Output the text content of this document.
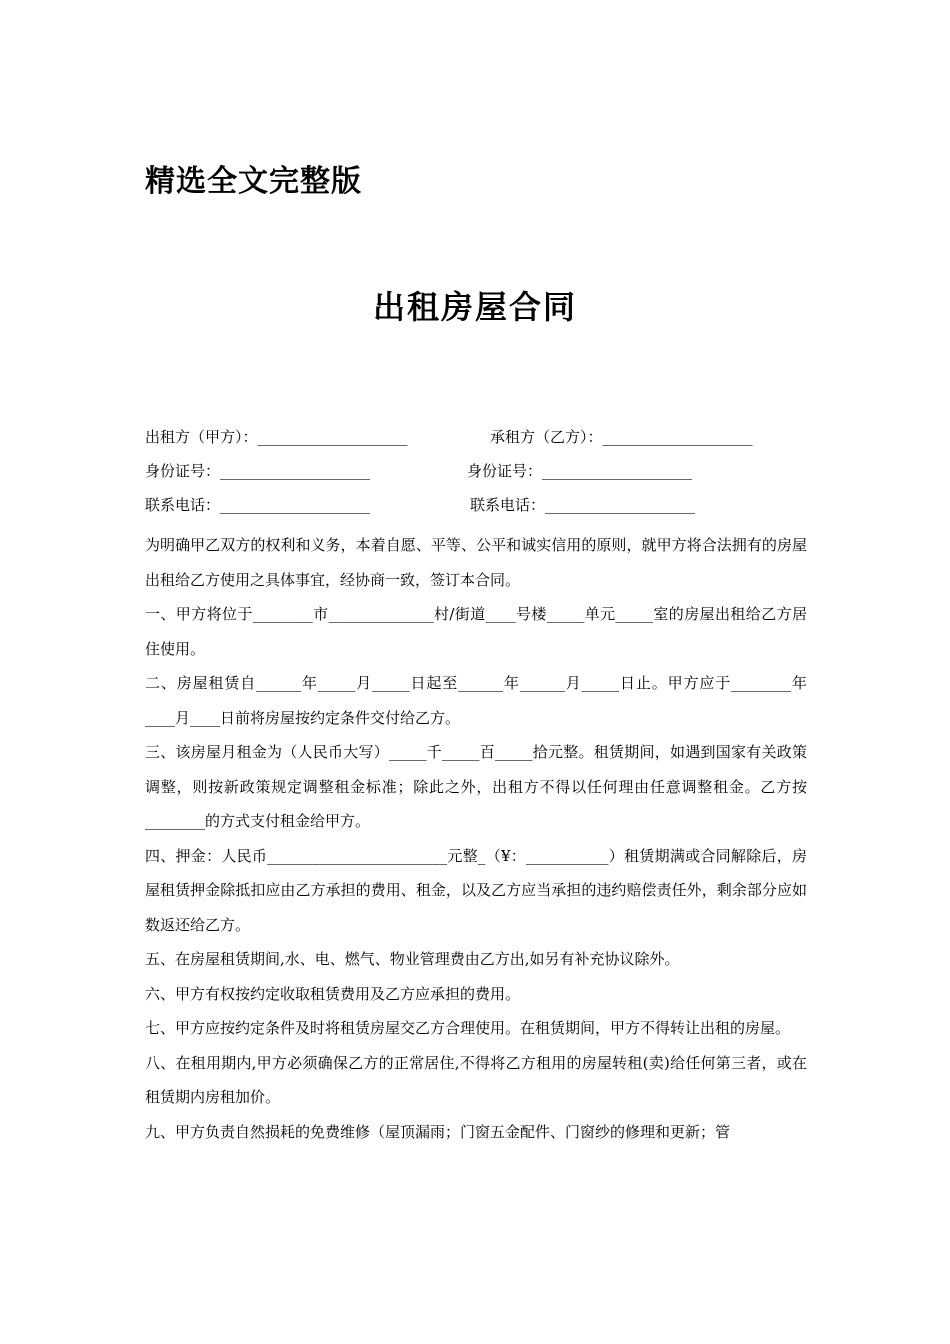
精选全文完整版
出租房屋合同
出租方（甲方）：____________________	承租方（乙方）：____________________
身份证号：____________________	身份证号：____________________
联系电话：____________________	联系电话：____________________

为明确甲乙双方的权利和义务，本着自愿、平等、公平和诚实信用的原则，就甲方将合法拥有的房屋出租给乙方使用之具体事宜，经协商一致，签订本合同。

一、甲方将位于________市______________村/街道____号楼_____单元_____室的房屋出租给乙方居住使用。

二、房屋租赁自______年_____月_____日起至______年______月_____日止。甲方应于________年____月____日前将房屋按约定条件交付给乙方。

三、该房屋月租金为（人民币大写）_____千_____百_____拾元整。租赁期间，如遇到国家有关政策调整，则按新政策规定调整租金标准；除此之外，出租方不得以任何理由任意调整租金。乙方按________的方式支付租金给甲方。

四、押金：人民币________________________元整_（¥：___________）租赁期满或合同解除后，房屋租赁押金除抵扣应由乙方承担的费用、租金，以及乙方应当承担的违约赔偿责任外，剩余部分应如数返还给乙方。

五、在房屋租赁期间,水、电、燃气、物业管理费由乙方出,如另有补充协议除外。

六、甲方有权按约定收取租赁费用及乙方应承担的费用。

七、甲方应按约定条件及时将租赁房屋交乙方合理使用。在租赁期间，甲方不得转让出租的房屋。

八、在租用期内,甲方必须确保乙方的正常居住,不得将乙方租用的房屋转租(卖)给任何第三者，或在租赁期内房租加价。

九、甲方负责自然损耗的免费维修（屋顶漏雨；门窗五金配件、门窗纱的修理和更新；管
